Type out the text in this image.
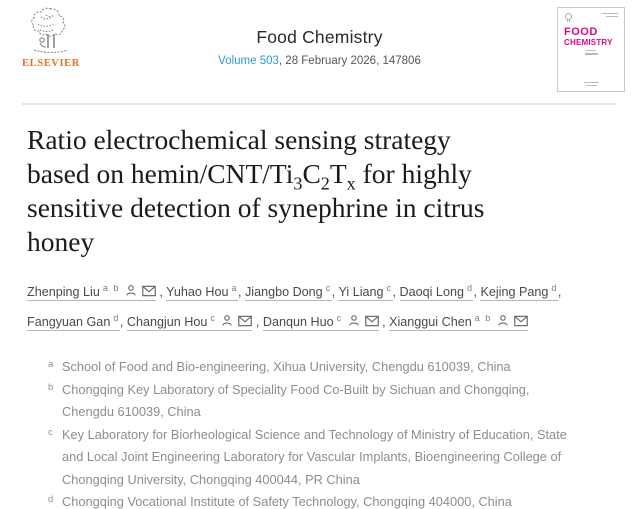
ELSEVIER
Food Chemistry
Volume 503, 28 February 2026, 147806
FOOD
CHEMISTRY
Ratio electrochemical sensing strategy
based on hemin/$CNT/Ti_3C_2T_x$ for highly
sensitive detection of synephrine in citrus
honey
Zhenping Liu $^{a b}$	, Yuhao Hou $^a$, Jiangbo Dong $^c$, Yi Liang $^c$, Daoqi Long $^d$, Kejing Pang $^d$, Fangyuan Gan $^d$, Changjun Hou $^c$	, Danqun Huo $^c$	, Xianggui Chen $^{a b}$
a School of Food and Bio-engineering, Xihua University, Chengdu 610039, China
b Chongqing Key Laboratory of Speciality Food Co-Built by Sichuan and Chongqing,
Chengdu 610039, China
c Key Laboratory for Biorheological Science and Technology of Ministry of Education, State
and Local Joint Engineering Laboratory for Vascular Implants, Bioengineering College of
Chongqing University, Chongqing 400044, PR China
d Chongqing Vocational Institute of Safety Technology, Chongqing 404000, China
